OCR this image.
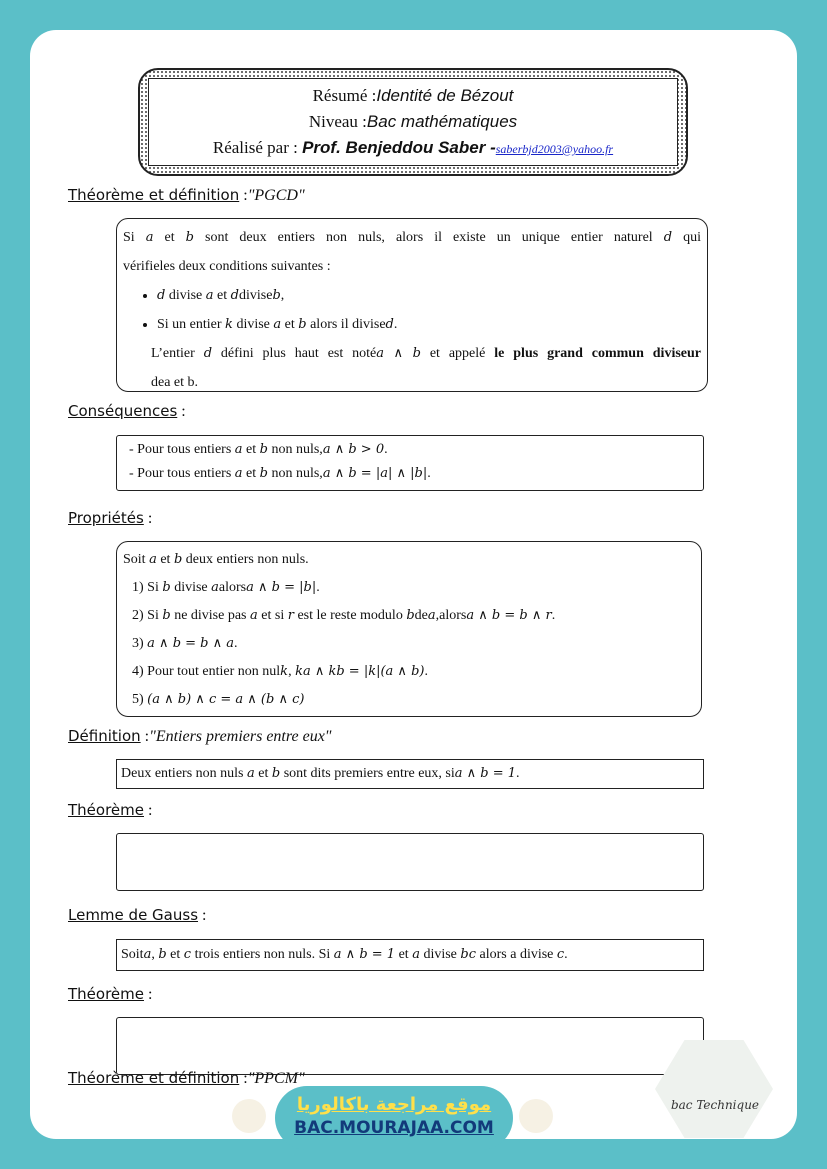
Résumé :Identité de Bézout
Niveau :Bac mathématiques
Réalisé par : Prof. Benjeddou Saber -saberbjd2003@yahoo.fr
Théorème et définition :"PGCD"

Si a et b sont deux entiers non nuls, alors il existe un unique entier naturel d qui

vérifieles deux conditions suivantes :

• d divise a et ddiviseb,
• Si un entier k divise a et b alors il divised.

L’entier d défini plus haut est notéa ∧ b et appelé le plus grand commun diviseur

dea et b.

Conséquences :

- Pour tous entiers a et b non nuls,a ∧ b > 0.

- Pour tous entiers a et b non nuls,a ∧ b = |a| ∧ |b|.

Propriétés :

Soit a et b deux entiers non nuls.

1) Si b divise aalorsa ∧ b = |b|.
2) Si b ne divise pas a et si r est le reste modulo bdea,alorsa ∧ b = b ∧ r.
3) a ∧ b = b ∧ a.
4) Pour tout entier non nulk, ka ∧ kb = |k|(a ∧ b).
5) (a ∧ b) ∧ c = a ∧ (b ∧ c)
Définition :"Entiers premiers entre eux"
Deux entiers non nuls a et b sont dits premiers entre eux, sia ∧ b = 1.
Théorème :
Lemme de Gauss :
Soita, b et c trois entiers non nuls. Si a ∧ b = 1 et a divise bc alors a divise c.
Théorème :
Théorème et définition :"PPCM"
موقع مراجعة باكالوريا
BAC.MOURAJAA.COM
bac Technique
